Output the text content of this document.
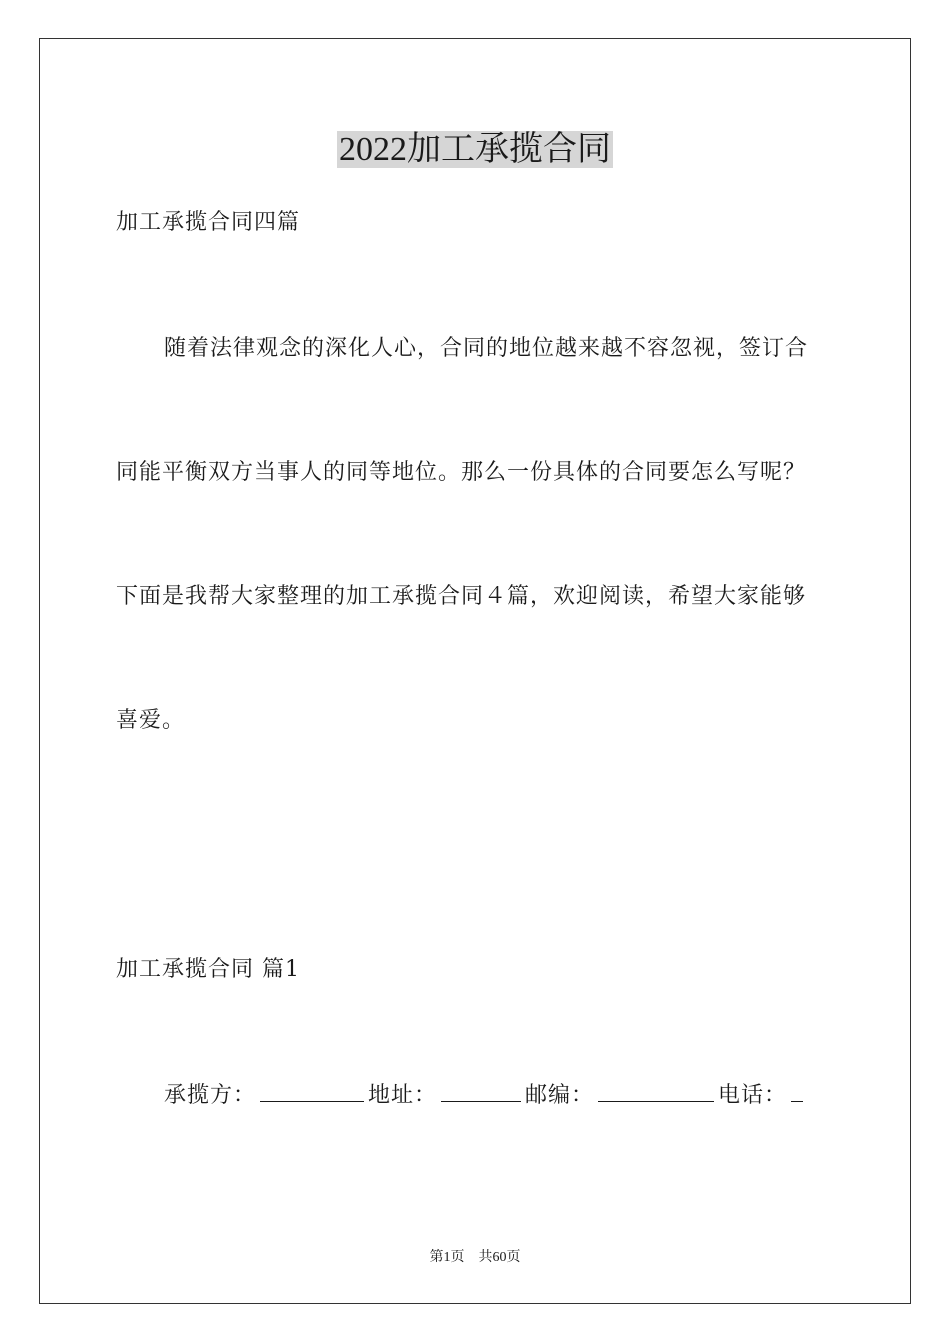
2022加工承揽合同
加工承揽合同四篇
随着法律观念的深化人心，合同的地位越来越不容忽视，签订合
同能平衡双方当事人的同等地位。那么一份具体的合同要怎么写呢？
下面是我帮大家整理的加工承揽合同４篇，欢迎阅读，希望大家能够
喜爱。
加工承揽合同 篇1
承揽方：	地址：	邮编：	电话：
第1页　共60页
